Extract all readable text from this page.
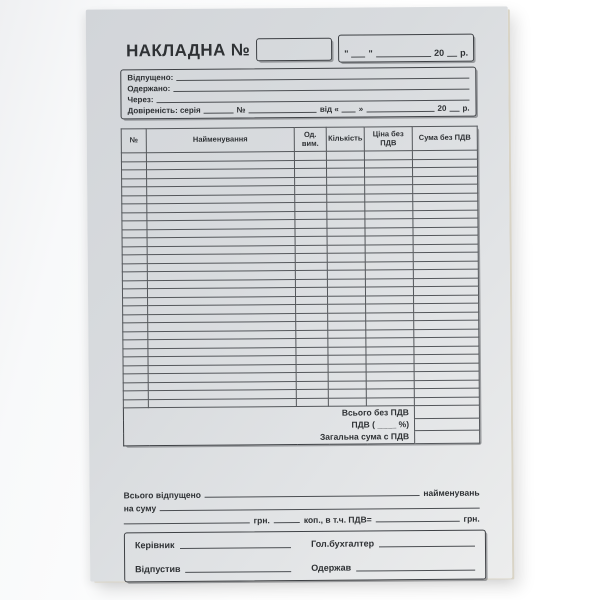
НАКЛАДНА №	" "	20 р.
Відпущено:
Одержано:
Через:
Довіреність: серія	№	від « »	20 р.
№	Найменування	Од. вим.	Кількість	Ціна без ПДВ	Сума без ПДВ

Всього без ПДВ					
ПДВ ( ____ %)					
Загальна сума с ПДВ					
Всього відпущено	найменувань
на суму
грн.	коп., в т.ч. ПДВ=	грн.
Керівник	Гол.бухгалтер
Відпустив	Одержав
